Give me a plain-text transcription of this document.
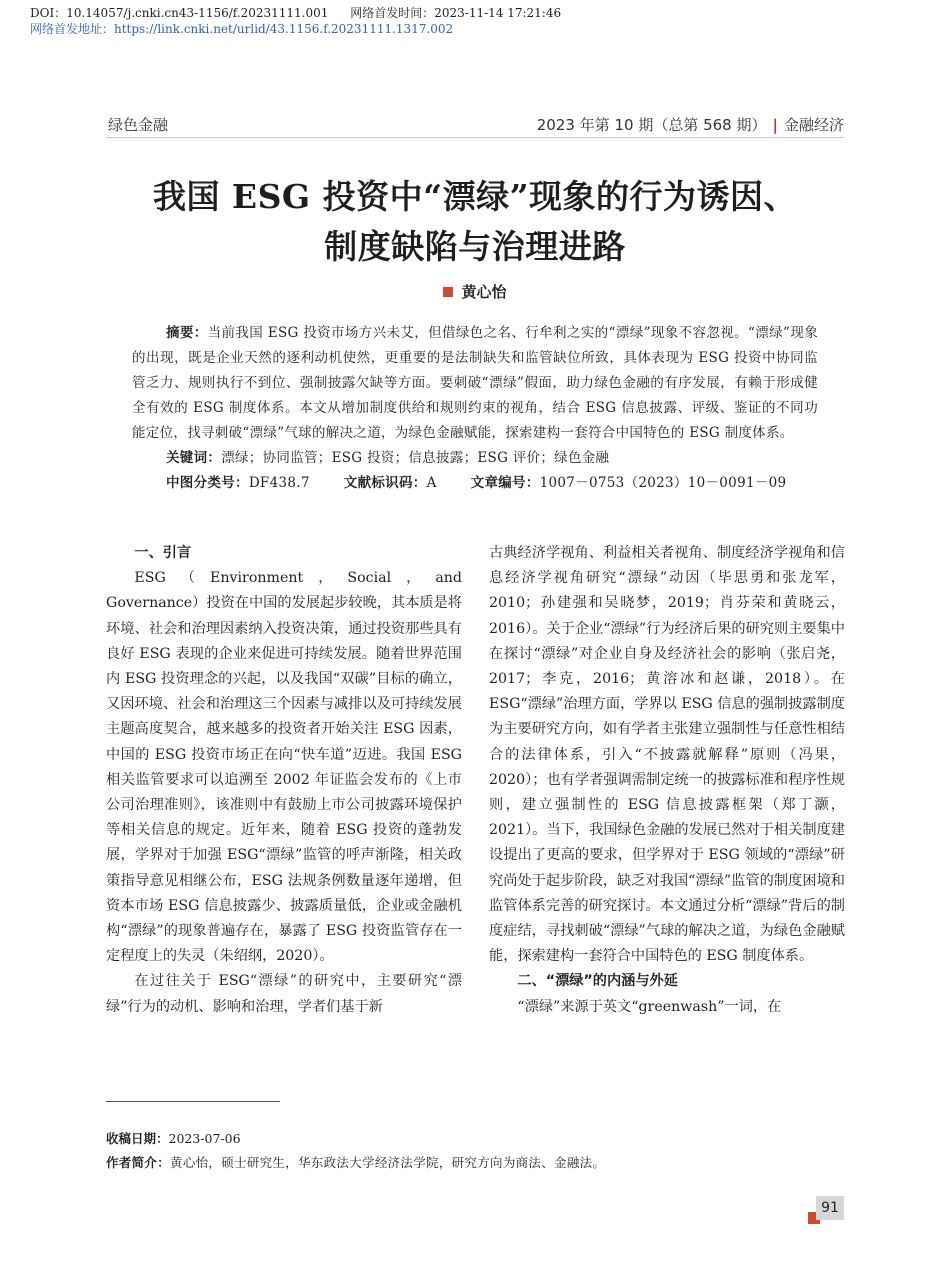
DOI：10.14057/j.cnki.cn43-1156/f.20231111.001 网络首发时间：2023-11-14 17:21:46
网络首发地址：https://link.cnki.net/urlid/43.1156.f.20231111.1317.002
绿色金融	2023 年第 10 期（总第 568 期） | 金融经济
我国 ESG 投资中“漂绿”现象的行为诱因、
制度缺陷与治理进路
黄心怡
摘要：当前我国 ESG 投资市场方兴未艾，但借绿色之名、行牟利之实的“漂绿”现象不容忽视。“漂绿”现象的出现，既是企业天然的逐利动机使然，更重要的是法制缺失和监管缺位所致，具体表现为 ESG 投资中协同监管乏力、规则执行不到位、强制披露欠缺等方面。要刺破“漂绿”假面，助力绿色金融的有序发展，有赖于形成健全有效的 ESG 制度体系。本文从增加制度供给和规则约束的视角，结合 ESG 信息披露、评级、鉴证的不同功能定位，找寻刺破“漂绿”气球的解决之道，为绿色金融赋能，探索建构一套符合中国特色的 ESG 制度体系。
关键词：漂绿；协同监管；ESG 投资；信息披露；ESG 评价；绿色金融
中图分类号：DF438.7	文献标识码：A	文章编号：1007－0753（2023）10－0091－09
一、引言

ESG（Environment，Social，and Governance）投资在中国的发展起步较晚，其本质是将环境、社会和治理因素纳入投资决策，通过投资那些具有良好 ESG 表现的企业来促进可持续发展。随着世界范围内 ESG 投资理念的兴起，以及我国“双碳”目标的确立，又因环境、社会和治理这三个因素与减排以及可持续发展主题高度契合，越来越多的投资者开始关注 ESG 因素，中国的 ESG 投资市场正在向“快车道”迈进。我国 ESG 相关监管要求可以追溯至 2002 年证监会发布的《上市公司治理准则》，该准则中有鼓励上市公司披露环境保护等相关信息的规定。近年来，随着 ESG 投资的蓬勃发展，学界对于加强 ESG“漂绿”监管的呼声渐隆，相关政策指导意见相继公布，ESG 法规条例数量逐年递增，但资本市场 ESG 信息披露少、披露质量低，企业或金融机构“漂绿”的现象普遍存在，暴露了 ESG 投资监管存在一定程度上的失灵（朱绍纲，2020）。

在过往关于 ESG“漂绿”的研究中，主要研究“漂绿”行为的动机、影响和治理，学者们基于新

古典经济学视角、利益相关者视角、制度经济学视角和信息经济学视角研究“漂绿”动因（毕思勇和张龙军，2010；孙建强和吴晓梦，2019；肖芬荣和黄晓云，2016）。关于企业“漂绿”行为经济后果的研究则主要集中在探讨“漂绿”对企业自身及经济社会的影响（张启尧，2017；李克，2016；黄溶冰和赵谦，2018）。在 ESG“漂绿”治理方面，学界以 ESG 信息的强制披露制度为主要研究方向，如有学者主张建立强制性与任意性相结合的法律体系，引入“不披露就解释”原则（冯果，2020）；也有学者强调需制定统一的披露标准和程序性规则，建立强制性的 ESG 信息披露框架（郑丁灏，2021）。当下，我国绿色金融的发展已然对于相关制度建设提出了更高的要求，但学界对于 ESG 领域的“漂绿”研究尚处于起步阶段，缺乏对我国“漂绿”监管的制度困境和监管体系完善的研究探讨。本文通过分析“漂绿”背后的制度症结，寻找刺破“漂绿”气球的解决之道，为绿色金融赋能，探索建构一套符合中国特色的 ESG 制度体系。

二、“漂绿”的内涵与外延

“漂绿”来源于英文“greenwash”一词，在

收稿日期：2023-07-06
作者简介：黄心怡，硕士研究生，华东政法大学经济法学院，研究方向为商法、金融法。
91
